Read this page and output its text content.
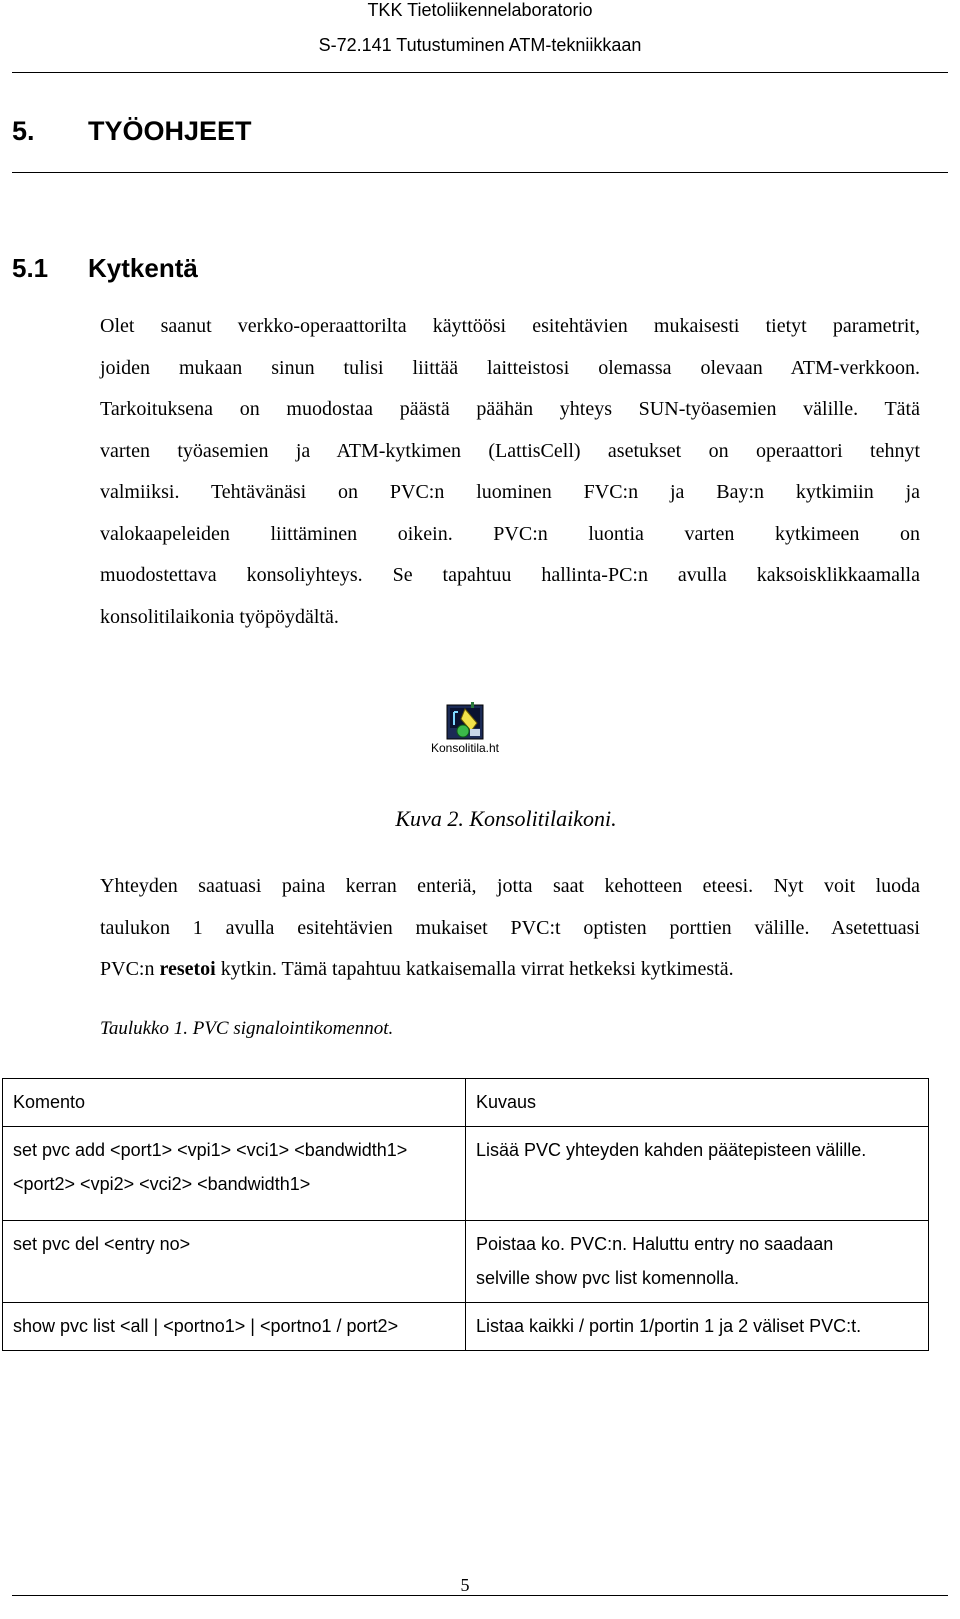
TKK Tietoliikennelaboratorio
S-72.141 Tutustuminen ATM-tekniikkaan
5. TYÖOHJEET
5.1 Kytkentä
Olet saanut verkko-operaattorilta käyttöösi esitehtävien mukaisesti tietyt parametrit,
joiden mukaan sinun tulisi liittää laitteistosi olemassa olevaan ATM-verkkoon.
Tarkoituksena on muodostaa päästä päähän yhteys SUN-työasemien välille. Tätä
varten työasemien ja ATM-kytkimen (LattisCell) asetukset on operaattori tehnyt
valmiiksi. Tehtävänäsi on PVC:n luominen FVC:n ja Bay:n kytkimiin ja
valokaapeleiden liittäminen oikein. PVC:n luontia varten kytkimeen on
muodostettava konsoliyhteys. Se tapahtuu hallinta-PC:n avulla kaksoisklikkaamalla
konsolitilaikonia työpöydältä.
Konsolitila.ht
Kuva 2. Konsolitilaikoni.
Yhteyden saatuasi paina kerran enteriä, jotta saat kehotteen eteesi. Nyt voit luoda
taulukon 1 avulla esitehtävien mukaiset PVC:t optisten porttien välille. Asetettuasi
PVC:n resetoi kytkin. Tämä tapahtuu katkaisemalla virrat hetkeksi kytkimestä.
Taulukko 1. PVC signalointikomennot.
Komento	Kuvaus

set pvc add <port1> <vpi1> <vci1> <bandwidth1>
<port2> <vpi2> <vci2> <bandwidth1>	Lisää PVC yhteyden kahden päätepisteen välille.

set pvc del <entry no>	Poistaa ko. PVC:n. Haluttu entry no saadaan
selville show pvc list komennolla.

show pvc list <all | <portno1> | <portno1 / port2>	Listaa kaikki / portin 1/portin 1 ja 2 väliset PVC:t.
5
